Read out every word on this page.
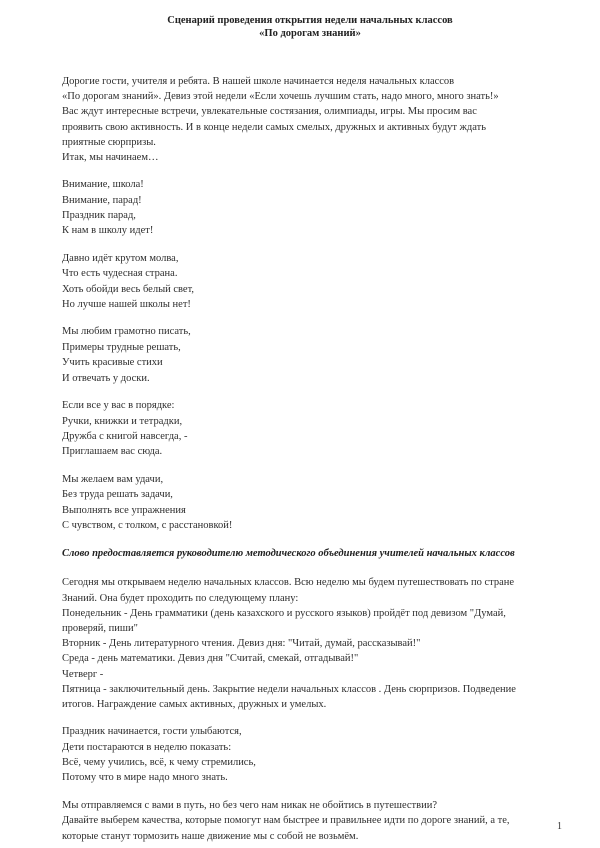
Сценарий проведения открытия недели начальных классов

«По дорогам знаний»

Дорогие гости, учителя и ребята. В нашей школе начинается неделя начальных классов

«По дорогам знаний». Девиз этой недели «Если хочешь лучшим стать, надо много, много знать!»

Вас ждут интересные встречи, увлекательные состязания, олимпиады, игры. Мы просим вас

проявить свою активность. И в конце недели самых смелых, дружных и активных будут ждать

приятные сюрпризы.

Итак, мы начинаем…

Внимание, школа!

Внимание, парад!

Праздник парад,

К нам в школу идет!

Давно идёт крутом молва,

Что есть чудесная страна.

Хоть обойди весь белый свет,

Но лучше нашей школы нет!

Мы любим грамотно писать,

Примеры трудные решать,

Учить красивые стихи

И отвечать у доски.

Если все у вас в порядке:

Ручки, книжки и тетрадки,

Дружба с книгой навсегда, -

Приглашаем вас сюда.

Мы желаем вам удачи,

Без труда решать задачи,

Выполнять все упражнения

С чувством, с толком, с расстановкой!

Слово предоставляется руководителю методического объединения учителей начальных классов

Сегодня мы открываем неделю начальных классов. Всю неделю мы будем путешествовать по стране

Знаний. Она будет проходить по следующему плану:

Понедельник - День грамматики (день казахского и русского языков) пройдёт под девизом "Думай,

проверяй, пиши"

Вторник - День литературного чтения. Девиз дня: "Читай, думай, рассказывай!"

Среда - день математики. Девиз дня "Считай, смекай, отгадывай!"

Четверг -

Пятница - заключительный день. Закрытие недели начальных классов . День сюрпризов. Подведение

итогов. Награждение самых активных, дружных и умелых.

Праздник начинается, гости улыбаются,

Дети постараются в неделю показать:

Всё, чему учились, всё, к чему стремились,

Потому что в мире надо много знать.

Мы отправляемся с вами в путь, но без чего нам никак не обойтись в путешествии?

Давайте выберем качества, которые помогут нам быстрее и правильнее идти по дороге знаний, а те,

которые станут тормозить наше движение мы с собой не возьмём.

1
